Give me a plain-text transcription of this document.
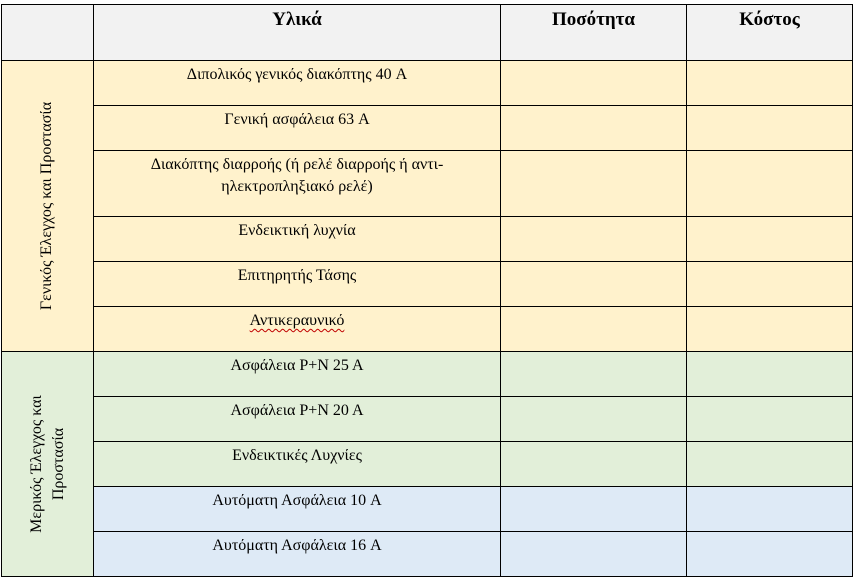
Υλικά	Ποσότητα	Κόστος
Γενικός Έλεγχος και Προστασία
Μερικός Έλεγχος και Προστασία
Διπολικός γενικός διακόπτης 40 A
Γενική ασφάλεια 63 A
Διακόπτης διαρροής (ή ρελέ διαρροής ή αντι-
ηλεκτροπληξιακό ρελέ)
Ενδεικτική λυχνία
Επιτηρητής Τάσης
Αντικεραυνικό
Ασφάλεια P+N 25 A
Ασφάλεια P+N 20 A
Ενδεικτικές Λυχνίες
Αυτόματη Ασφάλεια 10 A
Αυτόματη Ασφάλεια 16 A
